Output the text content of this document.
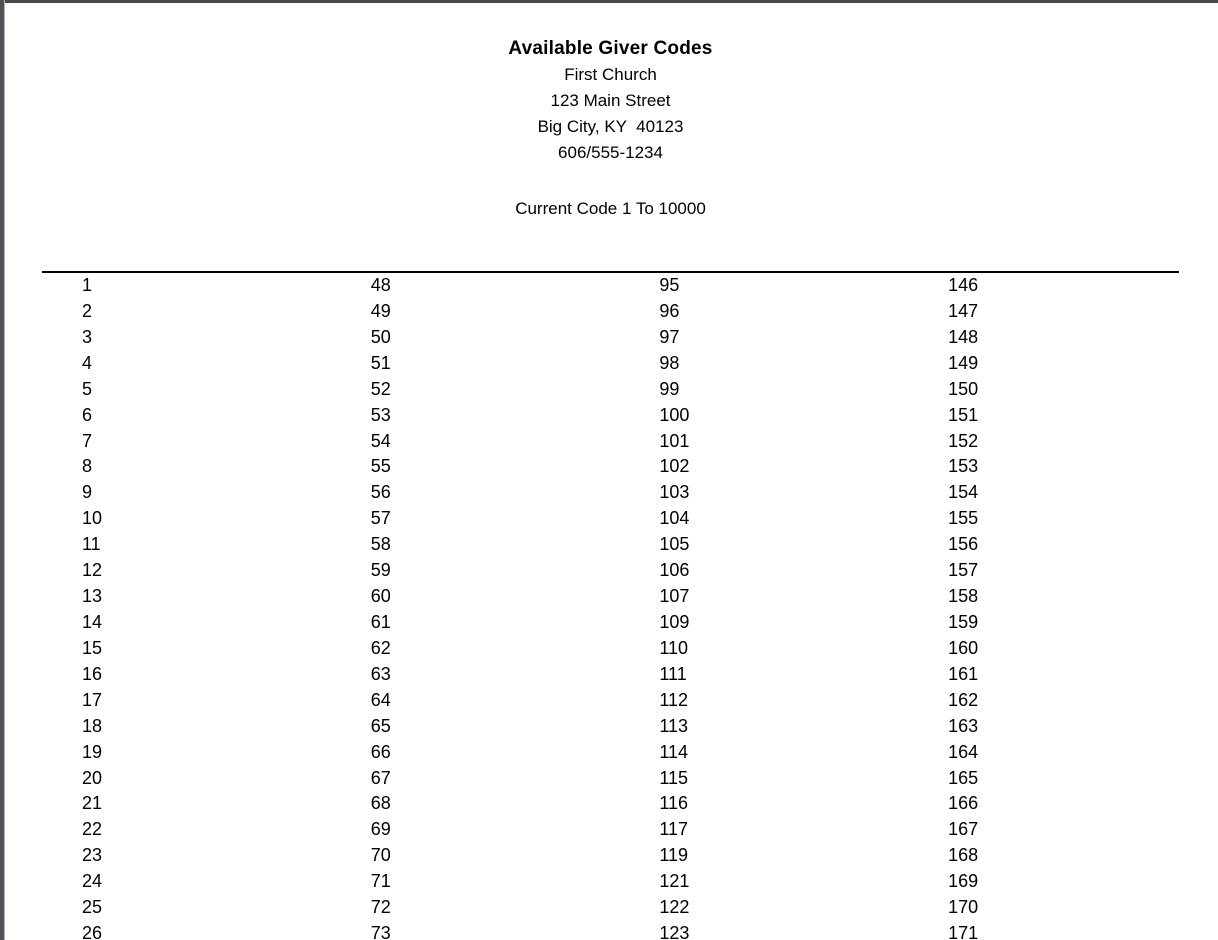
Available Giver Codes
First Church
123 Main Street
Big City, KY  40123
606/555-1234
Current Code 1 To 10000
1
2
3
4
5
6
7
8
9
10
11
12
13
14
15
16
17
18
19
20
21
22
23
24
25
26
48
49
50
51
52
53
54
55
56
57
58
59
60
61
62
63
64
65
66
67
68
69
70
71
72
73
95
96
97
98
99
100
101
102
103
104
105
106
107
109
110
111
112
113
114
115
116
117
119
121
122
123
146
147
148
149
150
151
152
153
154
155
156
157
158
159
160
161
162
163
164
165
166
167
168
169
170
171
